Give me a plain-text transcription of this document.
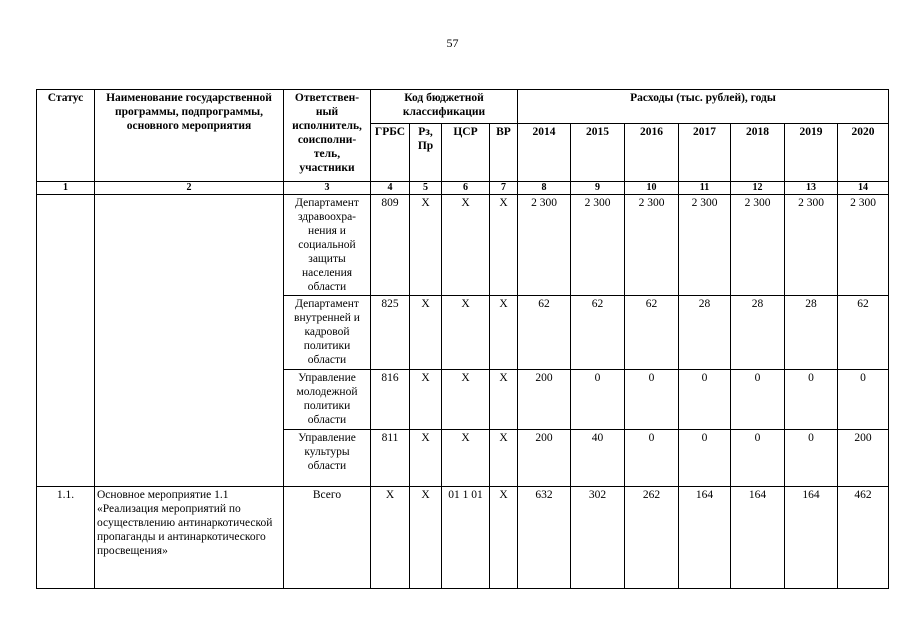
57
Статус	Наименование государственной программы, подпрограммы, основного мероприятия	Ответствен-ный исполнитель, соисполни-тель, участники	Код бюджетной классификации				Расходы (тыс. рублей), годы						
			ГРБС	Рз, Пр	ЦСР	ВР	2014	2015	2016	2017	2018	2019	2020
1	2	3	4	5	6	7	8	9	10	11	12	13	14
		Департамент здравоохра-нения и социальной защиты населения области	809	Х	Х	Х	2 300	2 300	2 300	2 300	2 300	2 300	2 300
		Департамент внутренней и кадровой политики области	825	Х	Х	Х	62	62	62	28	28	28	62
		Управление молодежной политики области	816	Х	Х	Х	200	0	0	0	0	0	0
		Управление культуры области	811	Х	Х	Х	200	40	0	0	0	0	200
1.1.	Основное мероприятие 1.1 «Реализация мероприятий по осуществлению антинаркотической пропаганды и антинаркотического просвещения»	Всего	Х	Х	01 1 01	Х	632	302	262	164	164	164	462
